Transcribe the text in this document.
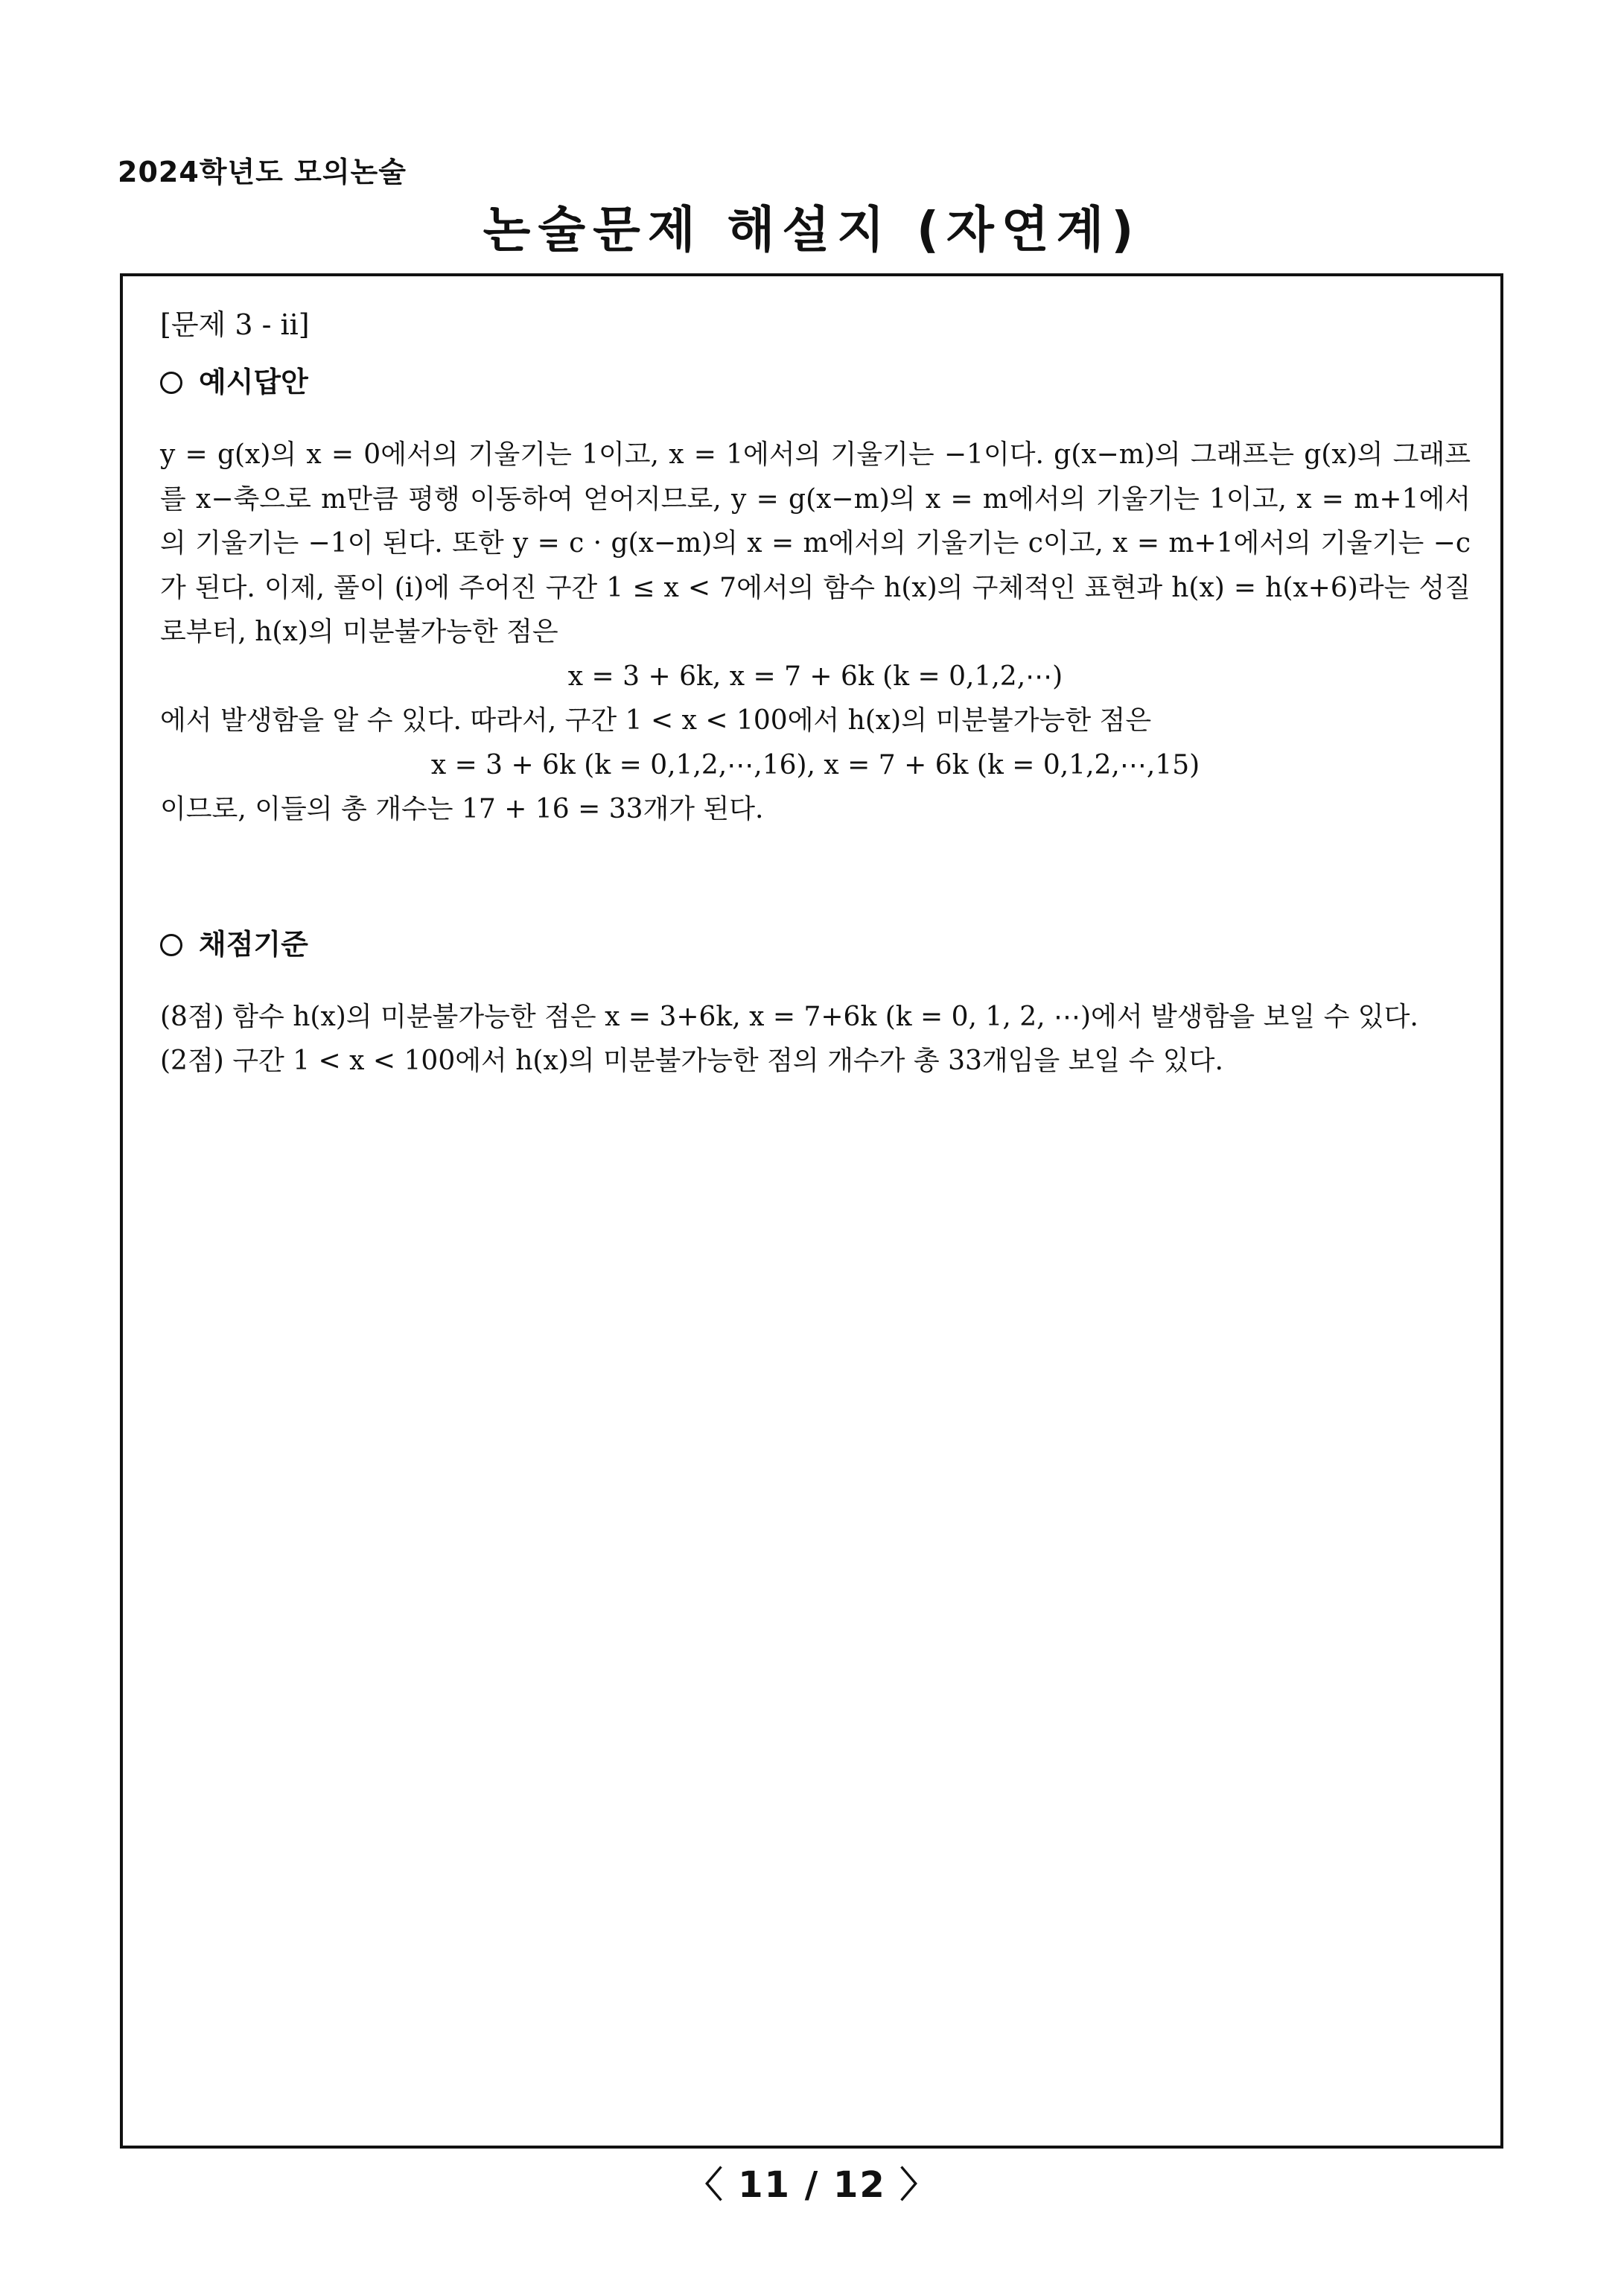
2024학년도 모의논술
논술문제 해설지 (자연계)
[문제 3 - ii]
예시답안
y = g(x)의 x = 0에서의 기울기는 1이고, x = 1에서의 기울기는 −1이다. g(x−m)의 그래프는 g(x)의 그래프를 x−축으로 m만큼 평행 이동하여 얻어지므로, y = g(x−m)의 x = m에서의 기울기는 1이고, x = m+1에서의 기울기는 −1이 된다. 또한 y = c · g(x−m)의 x = m에서의 기울기는 c이고, x = m+1에서의 기울기는 −c가 된다. 이제, 풀이 (i)에 주어진 구간 1 ≤ x < 7에서의 함수 h(x)의 구체적인 표현과 h(x) = h(x+6)라는 성질로부터, h(x)의 미분불가능한 점은
x = 3 + 6k, x = 7 + 6k (k = 0,1,2,⋯)
에서 발생함을 알 수 있다. 따라서, 구간 1 < x < 100에서 h(x)의 미분불가능한 점은
x = 3 + 6k (k = 0,1,2,⋯,16), x = 7 + 6k (k = 0,1,2,⋯,15)
이므로, 이들의 총 개수는 17 + 16 = 33개가 된다.
채점기준
(8점) 함수 h(x)의 미분불가능한 점은 x = 3+6k, x = 7+6k (k = 0, 1, 2, ⋯)에서 발생함을 보일 수 있다.
(2점) 구간 1 < x < 100에서 h(x)의 미분불가능한 점의 개수가 총 33개임을 보일 수 있다.
〈 11 / 12 〉
